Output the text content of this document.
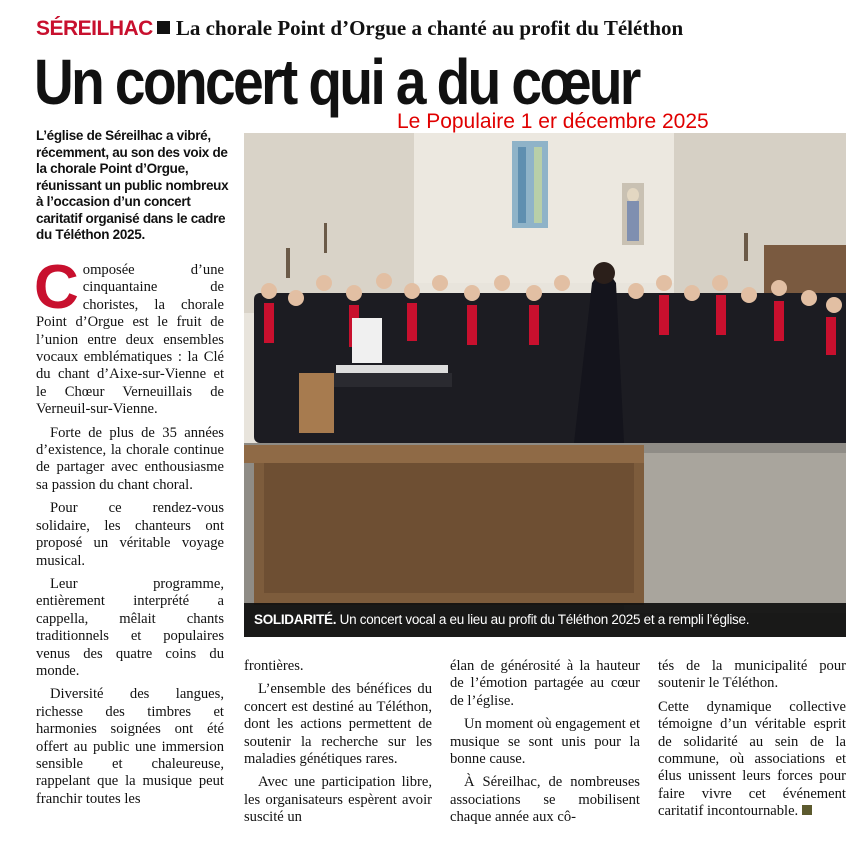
SÉREILHAC La chorale Point d’Orgue a chanté au profit du Téléthon
Un concert qui a du cœur
Le Populaire 1 er décembre 2025
L’église de Séreilhac a vibré, récemment, au son des voix de la chorale Point d’Orgue, réunissant un public nombreux à l’occasion d’un concert caritatif organisé dans le cadre du Téléthon 2025.

Composée d’une cinquantaine de choristes, la chorale Point d’Orgue est le fruit de l’union entre deux ensembles vocaux emblématiques : la Clé du chant d’Aixe-sur-Vienne et le Chœur Verneuillais de Verneuil-sur-Vienne.

Forte de plus de 35 années d’existence, la chorale continue de partager avec enthousiasme sa passion du chant choral.

Pour ce rendez-vous solidaire, les chanteurs ont proposé un véritable voyage musical.

Leur programme, entièrement interprété a cappella, mêlait chants traditionnels et populaires venus des quatre coins du monde.

Diversité des langues, richesse des timbres et harmonies soignées ont été offert au public une immersion sensible et chaleureuse, rappelant que la musique peut franchir toutes les

SOLIDARITÉ. Un concert vocal a eu lieu au profit du Téléthon 2025 et a rempli l’église.

frontières.

L’ensemble des bénéfices du concert est destiné au Téléthon, dont les actions permettent de soutenir la recherche sur les maladies génétiques rares.

Avec une participation libre, les organisateurs espèrent avoir suscité un

élan de générosité à la hauteur de l’émotion partagée au cœur de l’église.

Un moment où engagement et musique se sont unis pour la bonne cause.

À Séreilhac, de nombreuses associations se mobilisent chaque année aux cô-

tés de la municipalité pour soutenir le Téléthon.

Cette dynamique collective témoigne d’un véritable esprit de solidarité au sein de la commune, où associations et élus unissent leurs forces pour faire vivre cet événement caritatif incontournable.
